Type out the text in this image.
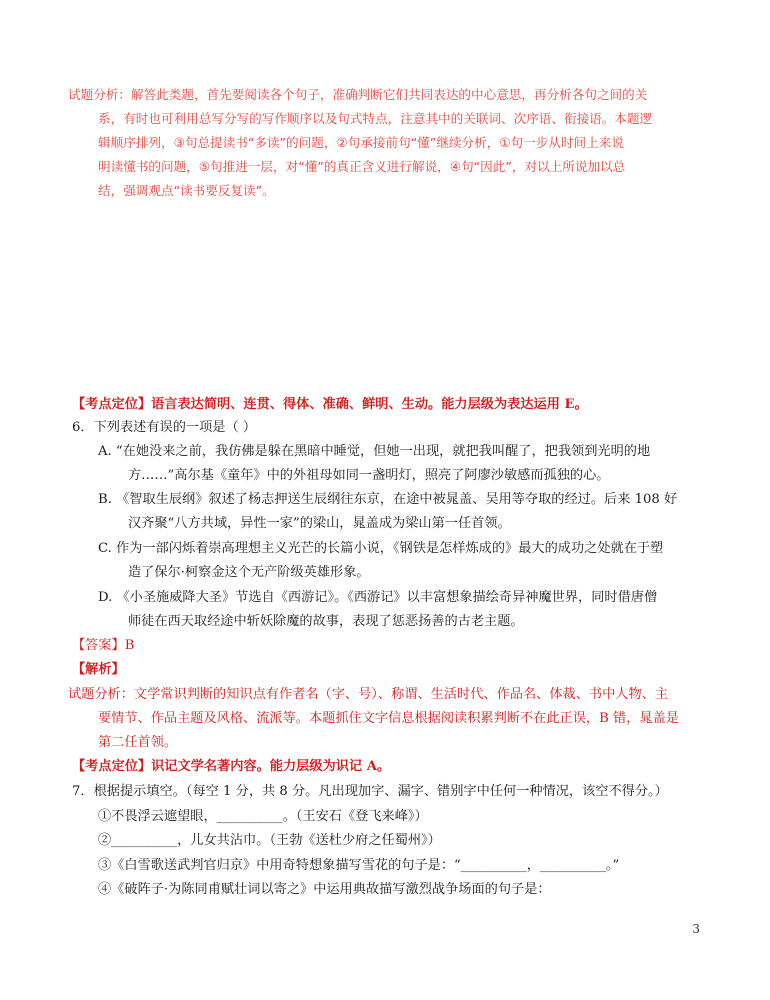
试题分析：解答此类题，首先要阅读各个句子，准确判断它们共同表达的中心意思，再分析各句之间的关
系，有时也可利用总写分写的写作顺序以及句式特点，注意其中的关联词、次序语、衔接语。本题逻
辑顺序排列，③句总提读书“多读”的问题，②句承接前句“懂”继续分析，①句一步从时间上来说
明读懂书的问题，⑤句推进一层，对“懂”的真正含义进行解说，④句“因此”，对以上所说加以总
结，强调观点“读书要反复读”。
【考点定位】语言表达简明、连贯、得体、准确、鲜明、生动。能力层级为表达运用 E。
6．下列表述有误的一项是（ ）
A. “在她没来之前，我仿佛是躲在黑暗中睡觉，但她一出现，就把我叫醒了，把我领到光明的地
方……”高尔基《童年》中的外祖母如同一盏明灯，照亮了阿廖沙敏感而孤独的心。
B. 《智取生辰纲》叙述了杨志押送生辰纲往东京，在途中被晁盖、吴用等夺取的经过。后来 108 好
汉齐聚“八方共域，异性一家”的梁山，晁盖成为梁山第一任首领。
C. 作为一部闪烁着崇高理想主义光芒的长篇小说，《钢铁是怎样炼成的》最大的成功之处就在于塑
造了保尔·柯察金这个无产阶级英雄形象。
D. 《小圣施威降大圣》节选自《西游记》。《西游记》以丰富想象描绘奇异神魔世界，同时借唐僧
师徒在西天取经途中斩妖除魔的故事，表现了惩恶扬善的古老主题。
【答案】B
【解析】
试题分析：文学常识判断的知识点有作者名（字、号）、称谓、生活时代、作品名、体裁、书中人物、主
要情节、作品主题及风格、流派等。本题抓住文字信息根据阅读积累判断不在此正误，B 错，晁盖是
第二任首领。
【考点定位】识记文学名著内容。能力层级为识记 A。
7．根据提示填空。（每空 1 分，共 8 分。凡出现加字、漏字、错别字中任何一种情况，该空不得分。）
①不畏浮云遮望眼，__________。（王安石《登飞来峰》）
②__________，儿女共沾巾。（王勃《送杜少府之任蜀州》）
③《白雪歌送武判官归京》中用奇特想象描写雪花的句子是：“__________，__________。”
④《破阵子·为陈同甫赋壮词以寄之》中运用典故描写激烈战争场面的句子是：
3
